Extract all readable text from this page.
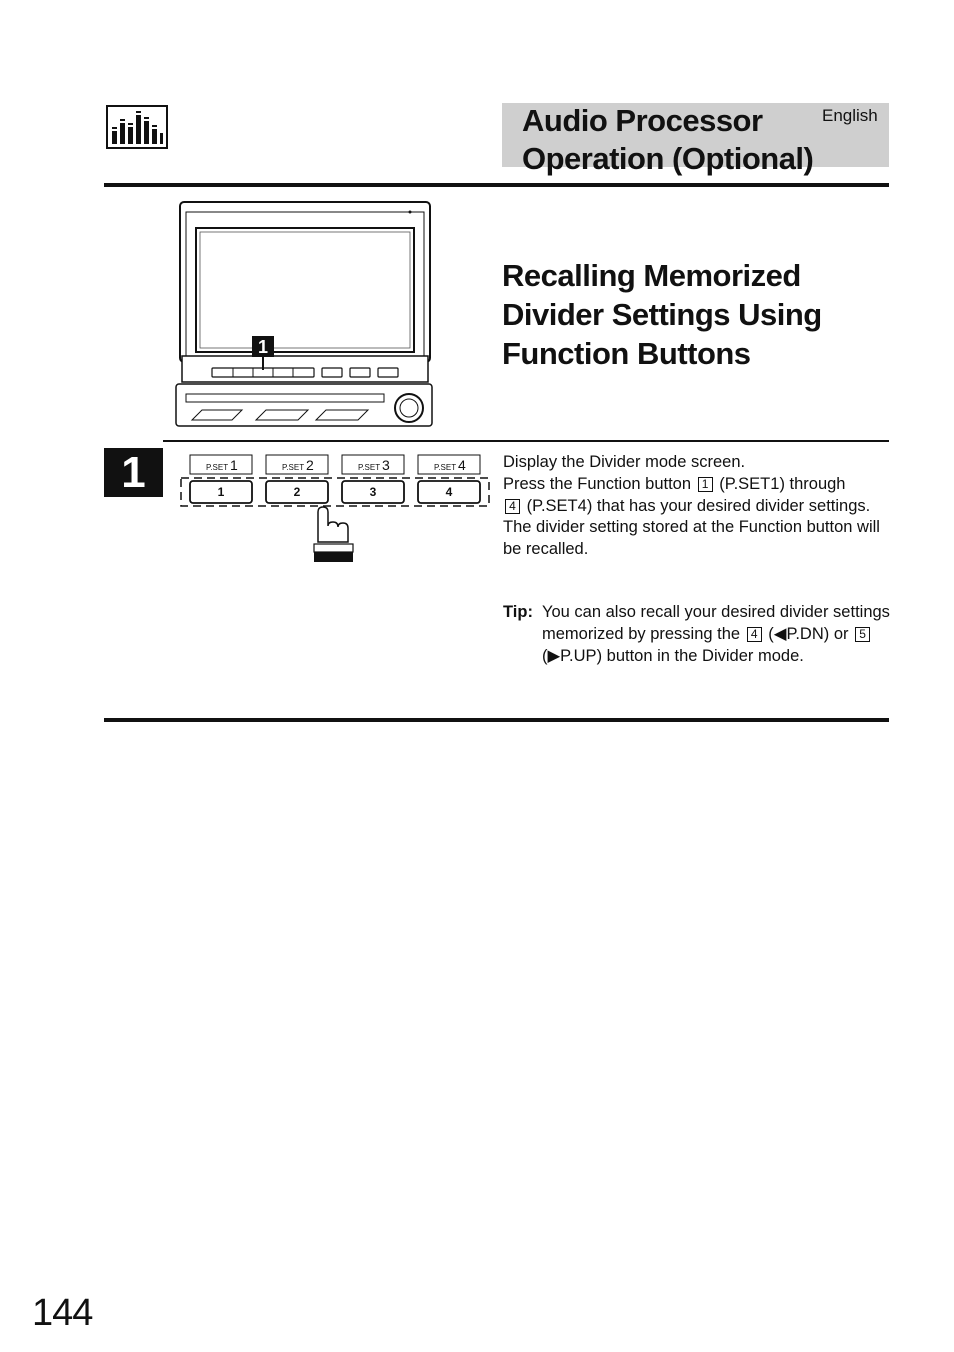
Audio Processor
Operation (Optional)
English
1
Recalling Memorized
Divider Settings Using
Function Buttons
1	P.SET 1	P.SET 2	P.SET 3	P.SET 4
1	2	3	4

Display the Divider mode screen.

Press the Function button 1 (P.SET1) through

4 (P.SET4) that has your desired divider settings.

The divider setting stored at the Function button will be recalled.

Tip: You can also recall your desired divider settings memorized by pressing the 4 (◀P.DN) or 5 (▶P.UP) button in the Divider mode.
144
